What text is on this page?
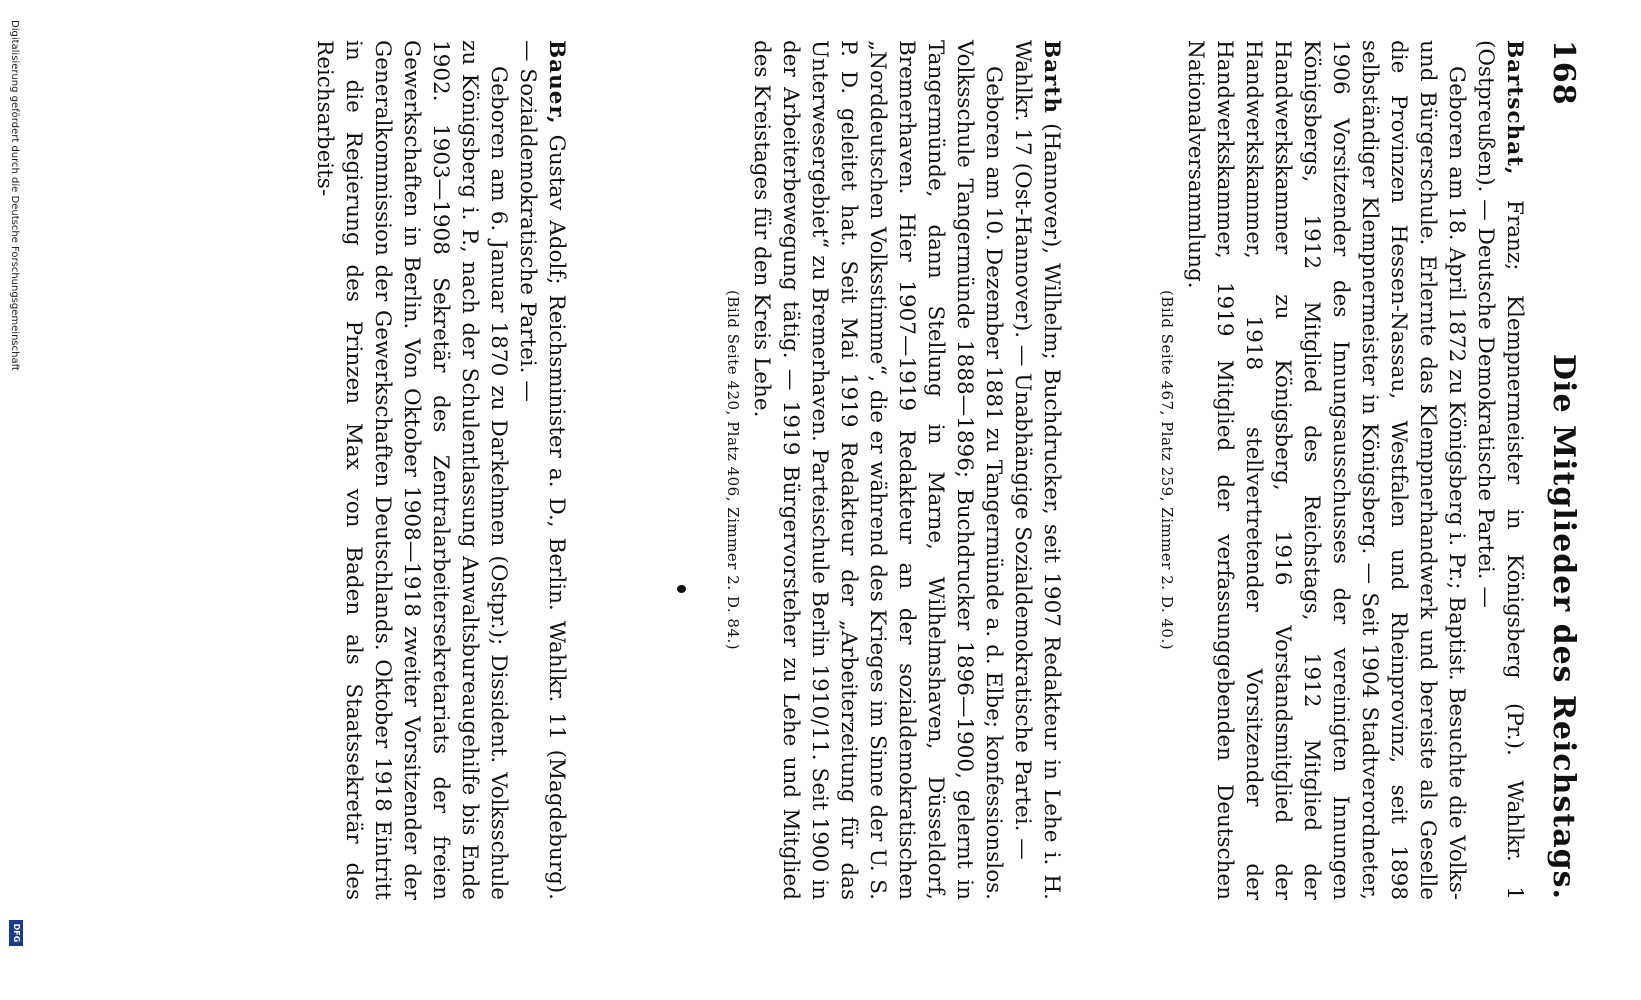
168
Die Mitglieder des Reichstags.

Bartschat, Franz; Klempnermeister in Königsberg (Pr.). Wahlkr. 1 (Ostpreußen). — Deutsche Demokratische Partei. —

Geboren am 18. April 1872 zu Königsberg i. Pr.; Baptist. Besuchte die Volks- und Bürgerschule. Erlernte das Klempnerhandwerk und bereiste als Geselle die Provinzen Hessen-Nassau, Westfalen und Rheinprovinz, seit 1898 selbständiger Klempnermeister in Königsberg. — Seit 1904 Stadtverordneter, 1906 Vorsitzender des Innungsausschusses der vereinigten Innungen Königsbergs, 1912 Mitglied des Reichstags, 1912 Mitglied der Handwerkskammer zu Königsberg, 1916 Vorstandsmitglied der Handwerkskammer, 1918 stellvertretender Vorsitzender der Handwerkskammer, 1919 Mitglied der verfassunggebenden Deutschen Nationalversammlung.

(Bild Seite 467, Platz 259, Zimmer 2. D. 40.)

Barth (Hannover), Wilhelm; Buchdrucker, seit 1907 Redakteur in Lehe i. H. Wahlkr. 17 (Ost-Hannover). — Unabhängige Sozialdemokratische Partei. —

Geboren am 10. Dezember 1881 zu Tangermünde a. d. Elbe; konfessionslos. Volksschule Tangermünde 1888—1896; Buchdrucker 1896—1900, gelernt in Tangermünde, dann Stellung in Marne, Wilhelmshaven, Düsseldorf, Bremerhaven. Hier 1907—1919 Redakteur an der sozialdemokratischen „Norddeutschen Volksstimme“, die er während des Krieges im Sinne der U. S. P. D. geleitet hat. Seit Mai 1919 Redakteur der „Arbeiterzeitung für das Unterwesergebiet“ zu Bremerhaven. Parteischule Berlin 1910/11. Seit 1900 in der Arbeiterbewegung tätig. — 1919 Bürgervorsteher zu Lehe und Mitglied des Kreistages für den Kreis Lehe.

(Bild Seite 420, Platz 406, Zimmer 2. D. 84.)

Bauer, Gustav Adolf; Reichsminister a. D., Berlin. Wahlkr. 11 (Magdeburg). — Sozialdemokratische Partei. —

Geboren am 6. Januar 1870 zu Darkehmen (Ostpr.); Dissident. Volksschule zu Königsberg i. P., nach der Schulentlassung Anwaltsbureaugehilfe bis Ende 1902. 1903—1908 Sekretär des Zentralarbeitersekretariats der freien Gewerkschaften in Berlin. Von Oktober 1908—1918 zweiter Vorsitzender der Generalkommission der Gewerkschaften Deutschlands. Oktober 1918 Eintritt in die Regierung des Prinzen Max von Baden als Staatssekretär des Reichsarbeits-

Digitalisierung gefördert durch die Deutsche Forschungsgemeinschaft
DFG
